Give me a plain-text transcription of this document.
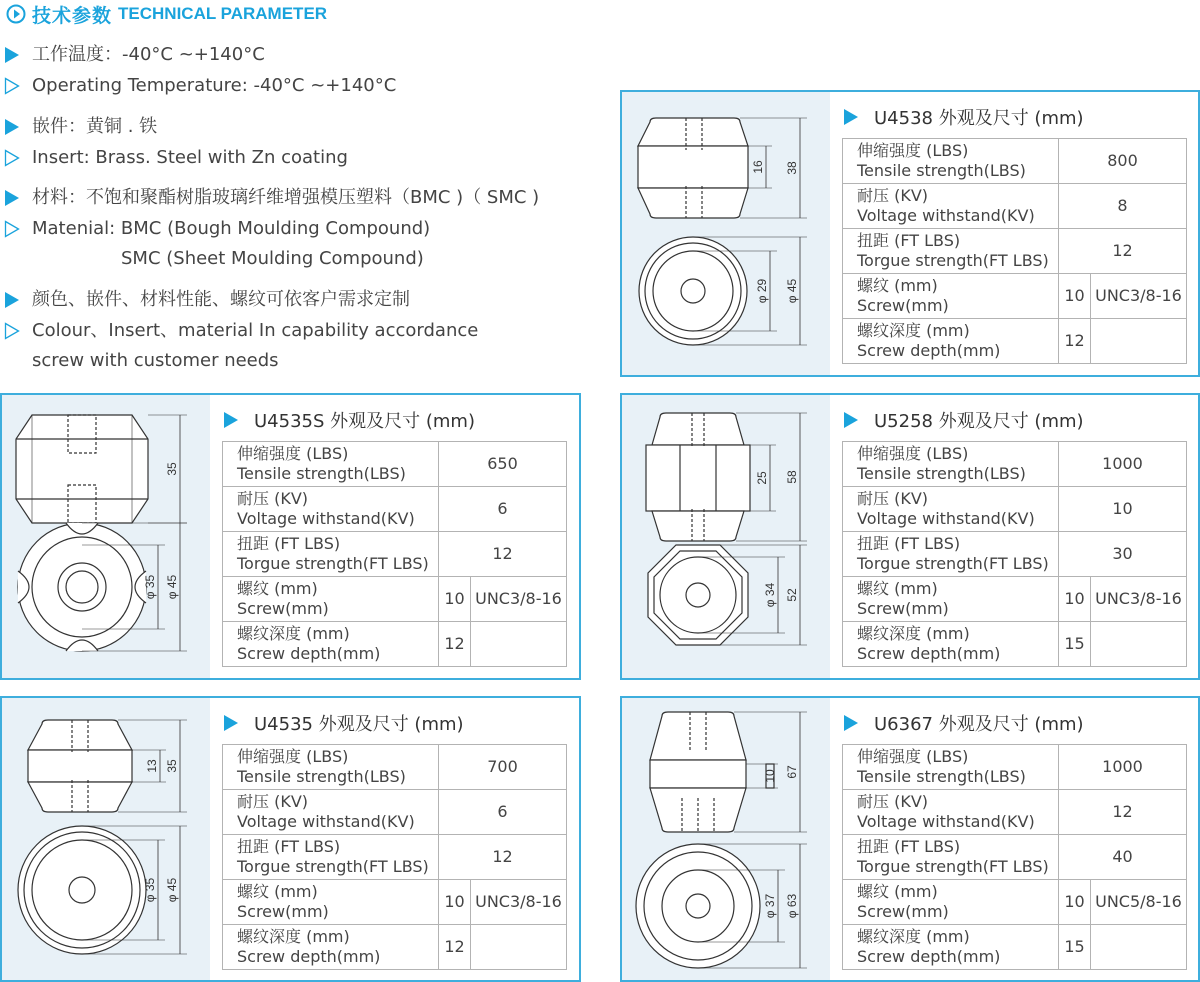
技术参数 TECHNICAL PARAMETER
工作温度：-40°C ~+140°C
Operating Temperature: -40°C ~+140°C
嵌件：黄铜 . 铁
Insert: Brass. Steel with Zn coating
材料：不饱和聚酯树脂玻璃纤维增强模压塑料（BMC )（ SMC )
Matenial: BMC (Bough Moulding Compound)
SMC (Sheet Moulding Compound)
颜色、嵌件、材料性能、螺纹可依客户需求定制
Colour、Insert、material In capability accordance
screw with customer needs
16 38
φ 29 φ 45
U4538 外观及尺寸 (mm)
伸缩强度 (LBS)
Tensile strength(LBS)	800	

耐压 (KV)
Voltage withstand(KV)	8	

扭距 (FT LBS)
Torgue strength(FT LBS)	12	

螺纹 (mm)
Screw(mm)	10	UNC3/8-16

螺纹深度 (mm)
Screw depth(mm)	12	
35
φ 35 φ 45
U4535S 外观及尺寸 (mm)
伸缩强度 (LBS)
Tensile strength(LBS)	650	

耐压 (KV)
Voltage withstand(KV)	6	

扭距 (FT LBS)
Torgue strength(FT LBS)	12	

螺纹 (mm)
Screw(mm)	10	UNC3/8-16

螺纹深度 (mm)
Screw depth(mm)	12	
25 58
φ 34 52
U5258 外观及尺寸 (mm)
伸缩强度 (LBS)
Tensile strength(LBS)	1000	

耐压 (KV)
Voltage withstand(KV)	10	

扭距 (FT LBS)
Torgue strength(FT LBS)	30	

螺纹 (mm)
Screw(mm)	10	UNC3/8-16

螺纹深度 (mm)
Screw depth(mm)	15	
13 35
φ 35 φ 45
U4535 外观及尺寸 (mm)
伸缩强度 (LBS)
Tensile strength(LBS)	700	

耐压 (KV)
Voltage withstand(KV)	6	

扭距 (FT LBS)
Torgue strength(FT LBS)	12	

螺纹 (mm)
Screw(mm)	10	UNC3/8-16

螺纹深度 (mm)
Screw depth(mm)	12	
10 67
φ 37 φ 63
U6367 外观及尺寸 (mm)
伸缩强度 (LBS)
Tensile strength(LBS)	1000	

耐压 (KV)
Voltage withstand(KV)	12	

扭距 (FT LBS)
Torgue strength(FT LBS)	40	

螺纹 (mm)
Screw(mm)	10	UNC5/8-16

螺纹深度 (mm)
Screw depth(mm)	15	
